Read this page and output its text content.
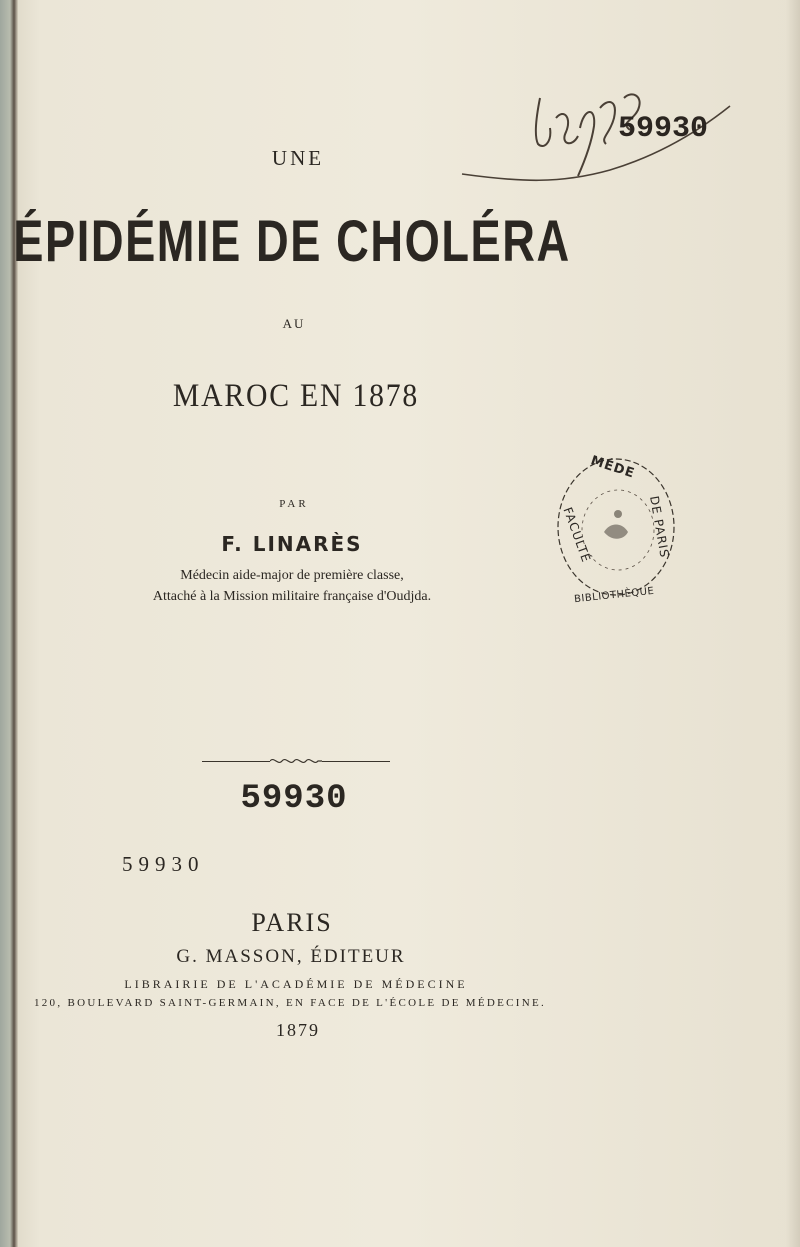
59930
UNE
ÉPIDÉMIE DE CHOLÉRA
AU
MAROC EN 1878
PAR
F. LINARÈS
Médecin aide-major de première classe,
Attaché à la Mission militaire française d'Oudjda.
MÉDE
FACULTÉ	DE PARIS
BIBLIOTHÈQUE
59930
59930
PARIS
G. MASSON, ÉDITEUR
LIBRAIRIE DE L'ACADÉMIE DE MÉDECINE
120, BOULEVARD SAINT-GERMAIN, EN FACE DE L'ÉCOLE DE MÉDECINE.
1879
